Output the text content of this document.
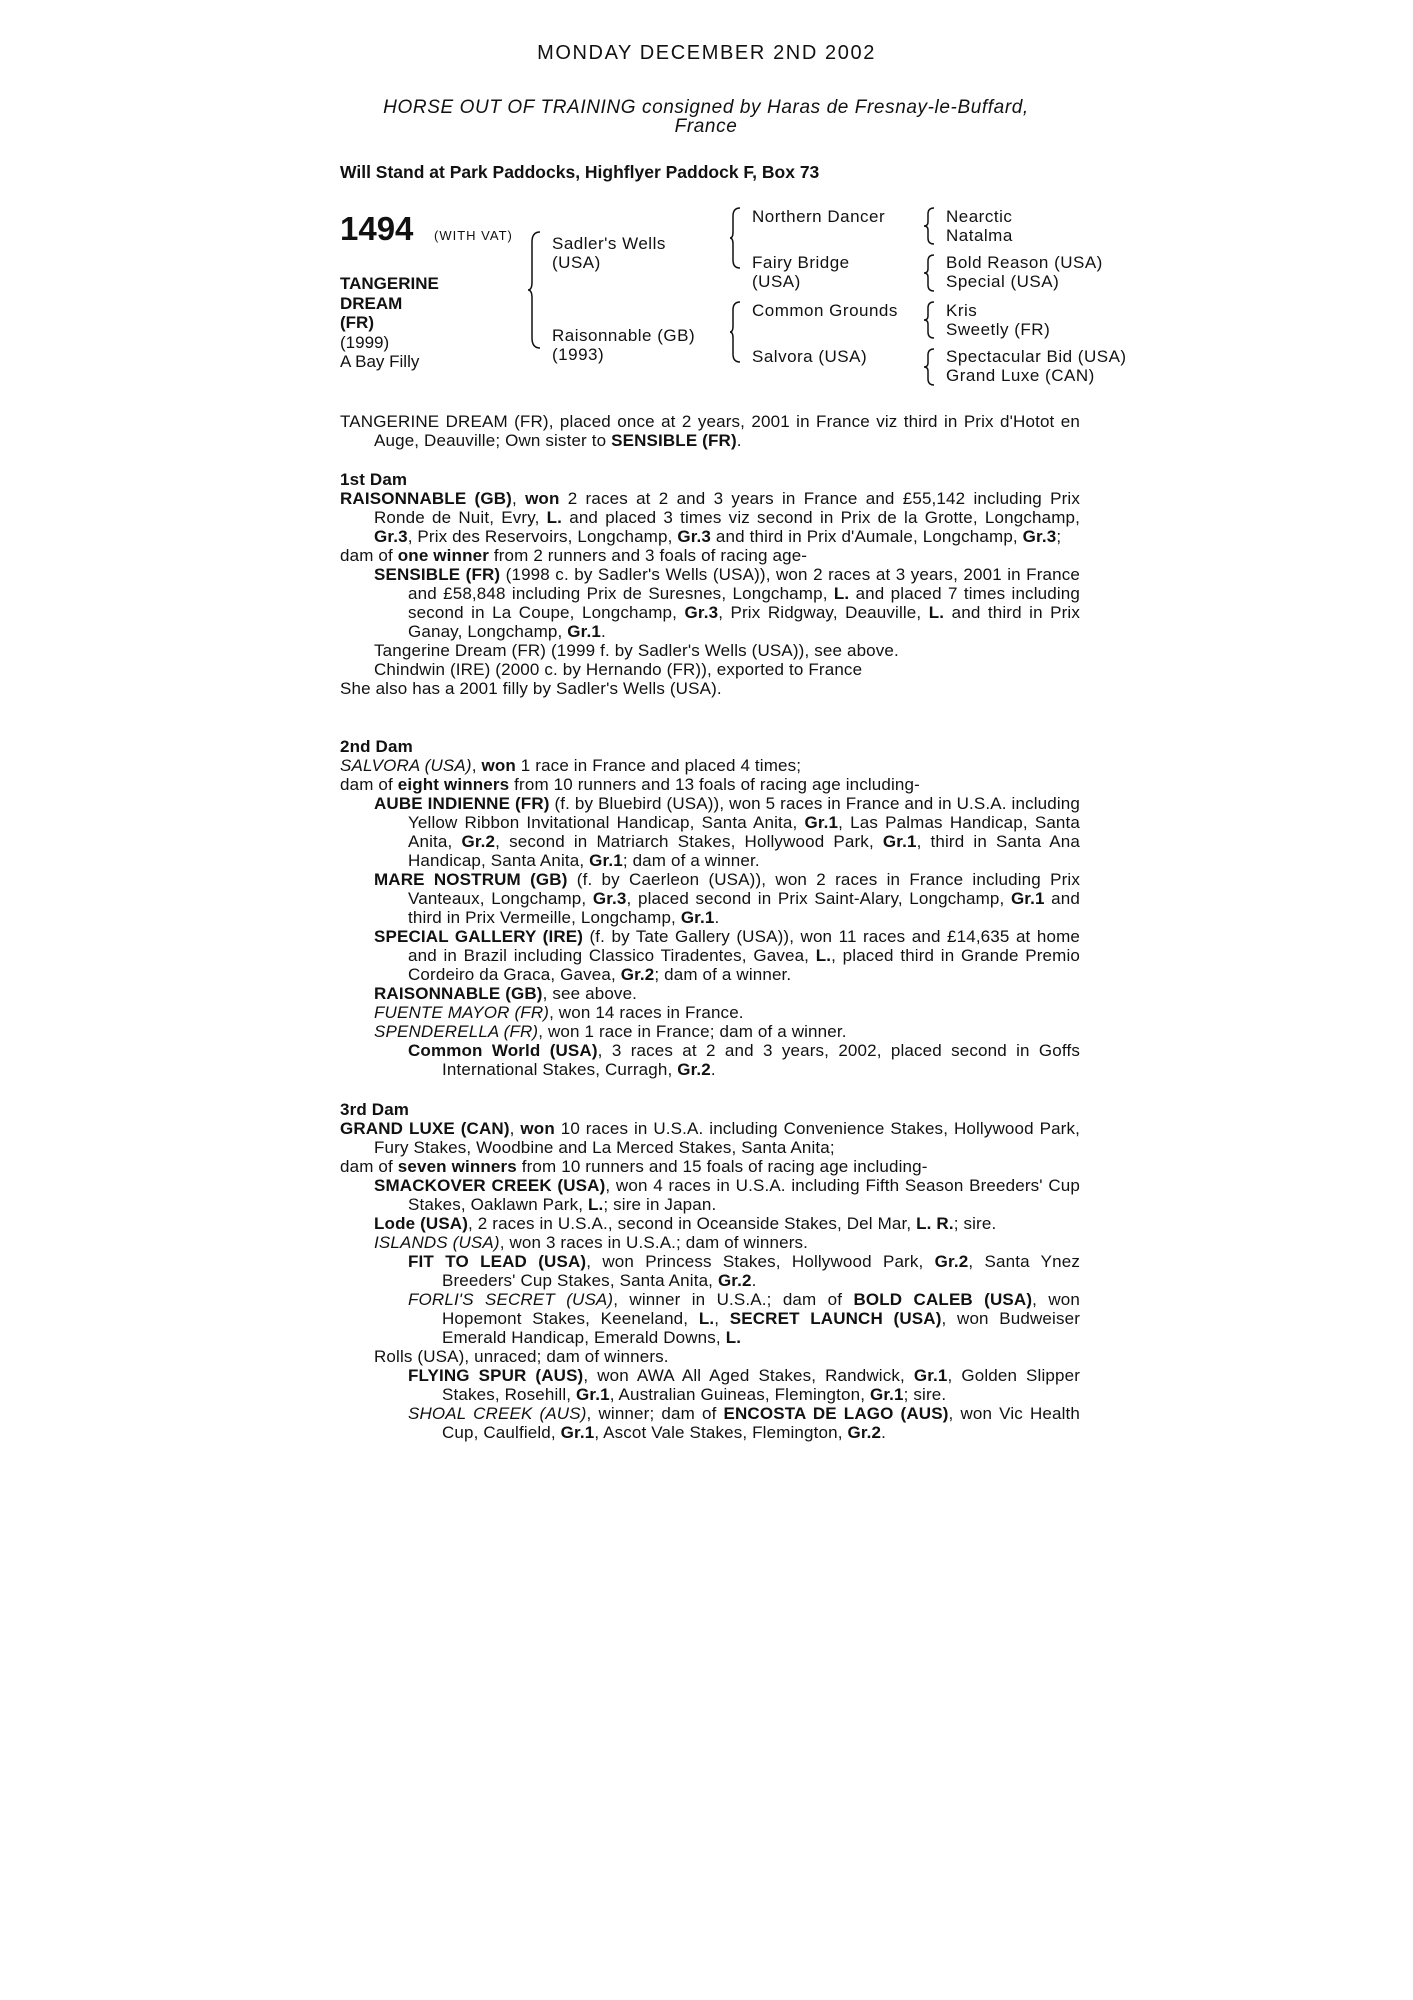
MONDAY DECEMBER 2ND 2002
HORSE OUT OF TRAINING consigned by Haras de Fresnay-le-Buffard, France
Will Stand at Park Paddocks, Highflyer Paddock F, Box 73
1494 (WITH VAT)
TANGERINE
DREAM
(FR)
(1999)
A Bay Filly
Sadler's Wells
(USA)
Raisonnable (GB)
(1993)
Northern Dancer
Fairy Bridge
(USA)
Common Grounds
Salvora (USA)
Nearctic
Natalma
Bold Reason (USA)
Special (USA)
Kris
Sweetly (FR)
Spectacular Bid (USA)
Grand Luxe (CAN)

TANGERINE DREAM (FR), placed once at 2 years, 2001 in France viz third in Prix d'Hotot en Auge, Deauville; Own sister to SENSIBLE (FR).

1st Dam

RAISONNABLE (GB), won 2 races at 2 and 3 years in France and £55,142 including Prix Ronde de Nuit, Evry, L. and placed 3 times viz second in Prix de la Grotte, Longchamp, Gr.3, Prix des Reservoirs, Longchamp, Gr.3 and third in Prix d'Aumale, Longchamp, Gr.3;

dam of one winner from 2 runners and 3 foals of racing age-

SENSIBLE (FR) (1998 c. by Sadler's Wells (USA)), won 2 races at 3 years, 2001 in France and £58,848 including Prix de Suresnes, Longchamp, L. and placed 7 times including second in La Coupe, Longchamp, Gr.3, Prix Ridgway, Deauville, L. and third in Prix Ganay, Longchamp, Gr.1.

Tangerine Dream (FR) (1999 f. by Sadler's Wells (USA)), see above.

Chindwin (IRE) (2000 c. by Hernando (FR)), exported to France

She also has a 2001 filly by Sadler's Wells (USA).

2nd Dam

SALVORA (USA), won 1 race in France and placed 4 times;

dam of eight winners from 10 runners and 13 foals of racing age including-

AUBE INDIENNE (FR) (f. by Bluebird (USA)), won 5 races in France and in U.S.A. including Yellow Ribbon Invitational Handicap, Santa Anita, Gr.1, Las Palmas Handicap, Santa Anita, Gr.2, second in Matriarch Stakes, Hollywood Park, Gr.1, third in Santa Ana Handicap, Santa Anita, Gr.1; dam of a winner.

MARE NOSTRUM (GB) (f. by Caerleon (USA)), won 2 races in France including Prix Vanteaux, Longchamp, Gr.3, placed second in Prix Saint-Alary, Longchamp, Gr.1 and third in Prix Vermeille, Longchamp, Gr.1.

SPECIAL GALLERY (IRE) (f. by Tate Gallery (USA)), won 11 races and £14,635 at home and in Brazil including Classico Tiradentes, Gavea, L., placed third in Grande Premio Cordeiro da Graca, Gavea, Gr.2; dam of a winner.

RAISONNABLE (GB), see above.

FUENTE MAYOR (FR), won 14 races in France.

SPENDERELLA (FR), won 1 race in France; dam of a winner.

Common World (USA), 3 races at 2 and 3 years, 2002, placed second in Goffs International Stakes, Curragh, Gr.2.

3rd Dam

GRAND LUXE (CAN), won 10 races in U.S.A. including Convenience Stakes, Hollywood Park, Fury Stakes, Woodbine and La Merced Stakes, Santa Anita;

dam of seven winners from 10 runners and 15 foals of racing age including-

SMACKOVER CREEK (USA), won 4 races in U.S.A. including Fifth Season Breeders' Cup Stakes, Oaklawn Park, L.; sire in Japan.

Lode (USA), 2 races in U.S.A., second in Oceanside Stakes, Del Mar, L. R.; sire.

ISLANDS (USA), won 3 races in U.S.A.; dam of winners.

FIT TO LEAD (USA), won Princess Stakes, Hollywood Park, Gr.2, Santa Ynez Breeders' Cup Stakes, Santa Anita, Gr.2.

FORLI'S SECRET (USA), winner in U.S.A.; dam of BOLD CALEB (USA), won Hopemont Stakes, Keeneland, L., SECRET LAUNCH (USA), won Budweiser Emerald Handicap, Emerald Downs, L.

Rolls (USA), unraced; dam of winners.

FLYING SPUR (AUS), won AWA All Aged Stakes, Randwick, Gr.1, Golden Slipper Stakes, Rosehill, Gr.1, Australian Guineas, Flemington, Gr.1; sire.

SHOAL CREEK (AUS), winner; dam of ENCOSTA DE LAGO (AUS), won Vic Health Cup, Caulfield, Gr.1, Ascot Vale Stakes, Flemington, Gr.2.
